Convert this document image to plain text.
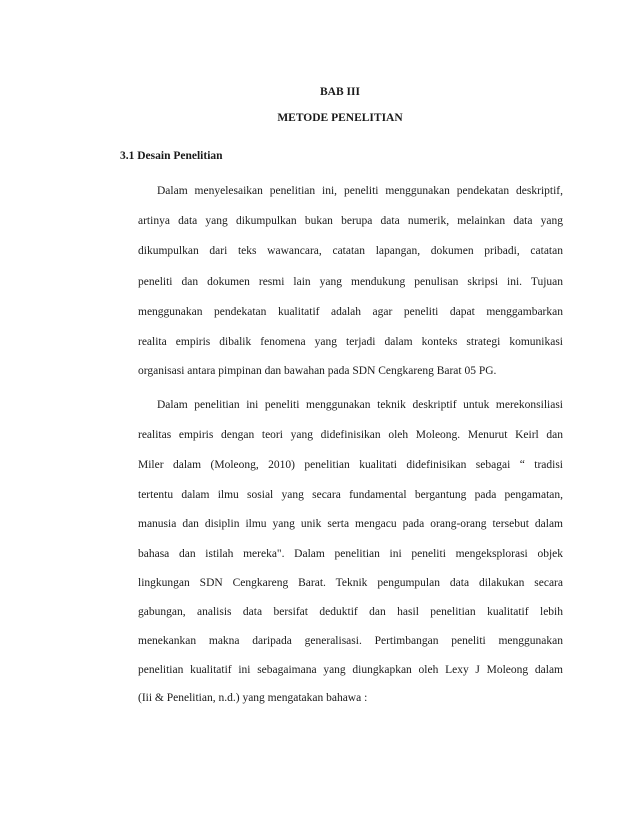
BAB III
METODE PENELITIAN
3.1 Desain Penelitian
Dalam menyelesaikan penelitian ini, peneliti menggunakan pendekatan deskriptif,
artinya data yang dikumpulkan bukan berupa data numerik, melainkan data yang
dikumpulkan dari teks wawancara, catatan lapangan, dokumen pribadi, catatan
peneliti dan dokumen resmi lain yang mendukung penulisan skripsi ini. Tujuan
menggunakan pendekatan kualitatif adalah agar peneliti dapat menggambarkan
realita empiris dibalik fenomena yang terjadi dalam konteks strategi komunikasi
organisasi antara pimpinan dan bawahan pada SDN Cengkareng Barat 05 PG.
Dalam penelitian ini peneliti menggunakan teknik deskriptif untuk merekonsiliasi
realitas empiris dengan teori yang didefinisikan oleh Moleong. Menurut Keirl dan
Miler dalam (Moleong, 2010) penelitian kualitati didefinisikan sebagai “ tradisi
tertentu dalam ilmu sosial yang secara fundamental bergantung pada pengamatan,
manusia dan disiplin ilmu yang unik serta mengacu pada orang-orang tersebut dalam
bahasa dan istilah mereka". Dalam penelitian ini peneliti mengeksplorasi objek
lingkungan SDN Cengkareng Barat. Teknik pengumpulan data dilakukan secara
gabungan, analisis data bersifat deduktif dan hasil penelitian kualitatif lebih
menekankan makna daripada generalisasi. Pertimbangan peneliti menggunakan
penelitian kualitatif ini sebagaimana yang diungkapkan oleh Lexy J Moleong dalam
(Iii & Penelitian, n.d.) yang mengatakan bahawa :
